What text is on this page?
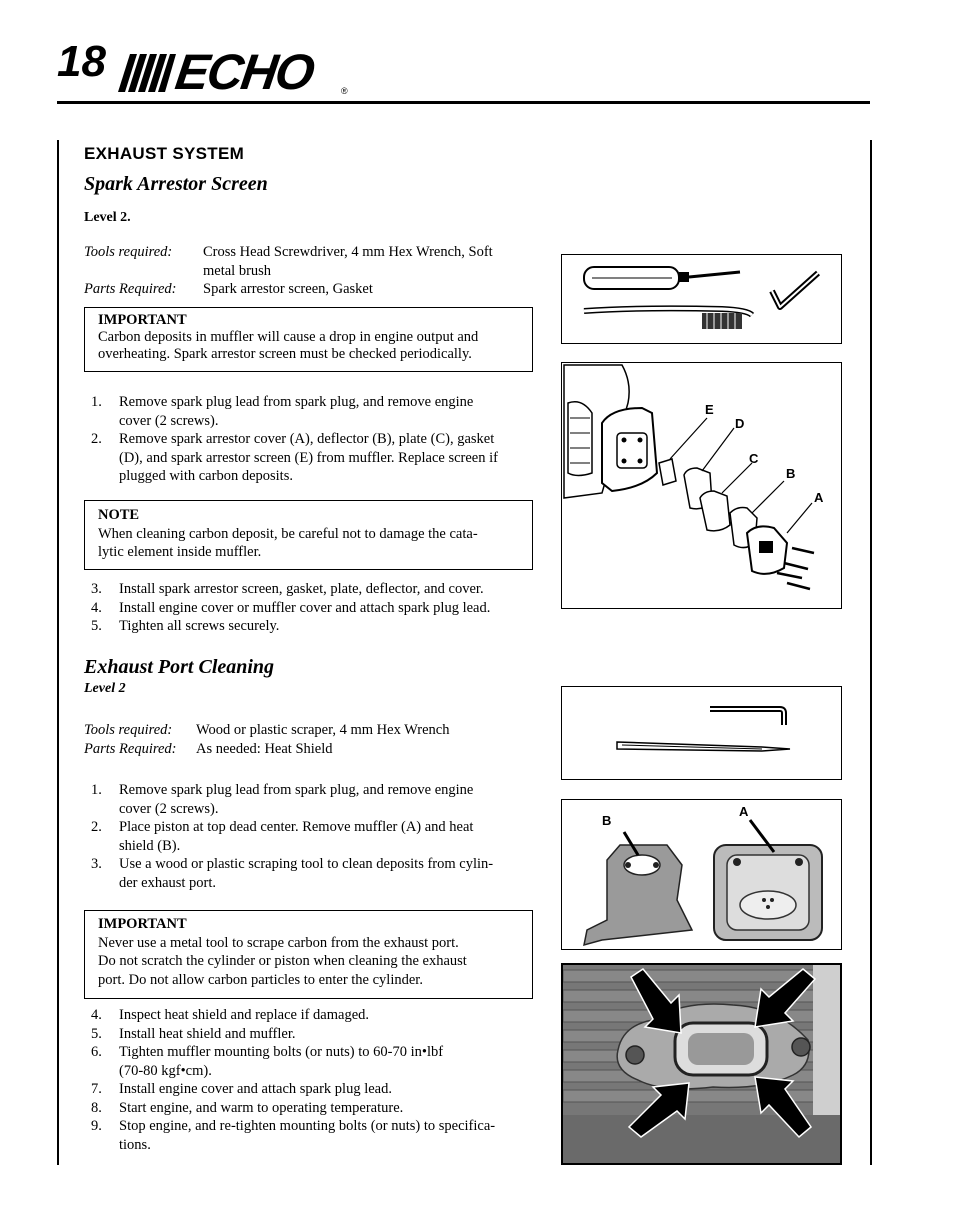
18 ECHO	®
EXHAUST SYSTEM
Spark Arrestor Screen
Level 2.
Tools required:	Cross Head Screwdriver, 4 mm Hex Wrench, Soft
metal brush
Parts Required:	Spark arrestor screen, Gasket
IMPORTANT
Carbon deposits in muffler will cause a drop in engine output and
overheating. Spark arrestor screen must be checked periodically.
1.	Remove spark plug lead from spark plug, and remove engine
cover (2 screws).
2.	Remove spark arrestor cover (A), deflector (B), plate (C), gasket
(D), and spark arrestor screen (E) from muffler. Replace screen if
plugged with carbon deposits.
NOTE
When cleaning carbon deposit, be careful not to damage the cata-
lytic element inside muffler.
3.	Install spark arrestor screen, gasket, plate, deflector, and cover.
4.	Install engine cover or muffler cover and attach spark plug lead.
5.	Tighten all screws securely.
Exhaust Port Cleaning
Level 2
Tools required:	Wood or plastic scraper, 4 mm Hex Wrench
Parts Required:	As needed: Heat Shield
1.	Remove spark plug lead from spark plug, and remove engine
cover (2 screws).
2.	Place piston at top dead center. Remove muffler (A) and heat
shield (B).
3.	Use a wood or plastic scraping tool to clean deposits from cylin-
der exhaust port.
IMPORTANT
Never use a metal tool to scrape carbon from the exhaust port.
Do not scratch the cylinder or piston when cleaning the exhaust
port. Do not allow carbon particles to enter the cylinder.
4.	Inspect heat shield and replace if damaged.
5.	Install heat shield and muffler.
6.	Tighten muffler mounting bolts (or nuts) to 60-70 in•lbf
(70-80 kgf•cm).
7.	Install engine cover and attach spark plug lead.
8.	Start engine, and warm to operating temperature.
9.	Stop engine, and re-tighten mounting bolts (or nuts) to specifica-
tions.
E
D
C
B
A
B
A
